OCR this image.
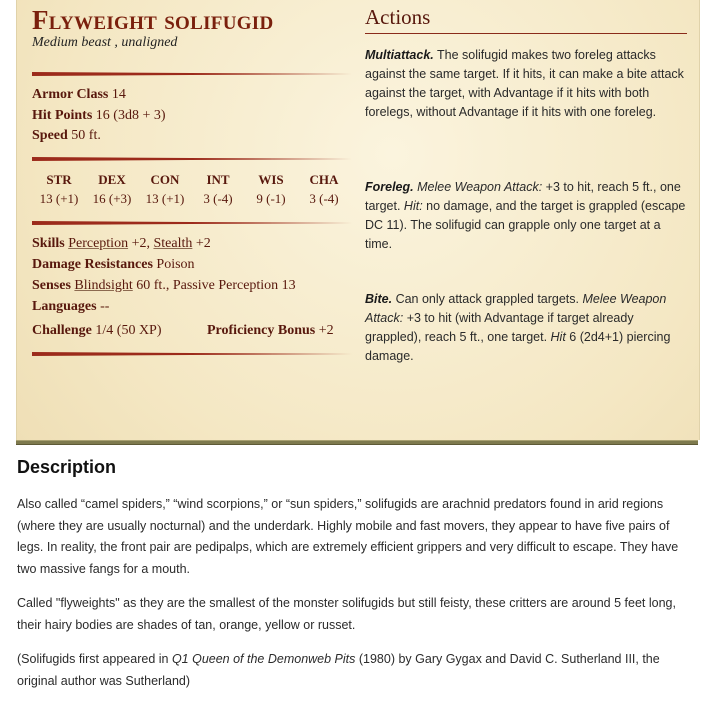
Flyweight solifugid
Medium beast , unaligned
Armor Class 14
Hit Points 16 (3d8 + 3)
Speed 50 ft.
STR
13 (+1)
DEX
16 (+3)
CON
13 (+1)
INT
3 (-4)
WIS
9 (-1)
CHA
3 (-4)
Skills Perception +2, Stealth +2
Damage Resistances Poison
Senses Blindsight 60 ft., Passive Perception 13
Languages --
Challenge 1/4 (50 XP)	Proficiency Bonus +2
Actions
Multiattack. The solifugid makes two foreleg attacks against the same target. If it hits, it can make a bite attack against the target, with Advantage if it hits with both forelegs, without Advantage if it hits with one foreleg.
Foreleg. Melee Weapon Attack: +3 to hit, reach 5 ft., one target. Hit: no damage, and the target is grappled (escape DC 11). The solifugid can grapple only one target at a time.
Bite. Can only attack grappled targets. Melee Weapon Attack: +3 to hit (with Advantage if target already grappled), reach 5 ft., one target. Hit 6 (2d4+1) piercing damage.
Description

Also called “camel spiders,” “wind scorpions,” or “sun spiders,” solifugids are arachnid predators found in arid regions (where they are usually nocturnal) and the underdark. Highly mobile and fast movers, they appear to have five pairs of legs. In reality, the front pair are pedipalps, which are extremely efficient grippers and very difficult to escape. They have two massive fangs for a mouth.

Called "flyweights" as they are the smallest of the monster solifugids but still feisty, these critters are around 5 feet long, their hairy bodies are shades of tan, orange, yellow or russet.

(Solifugids first appeared in Q1 Queen of the Demonweb Pits (1980) by Gary Gygax and David C. Sutherland III, the original author was Sutherland)
